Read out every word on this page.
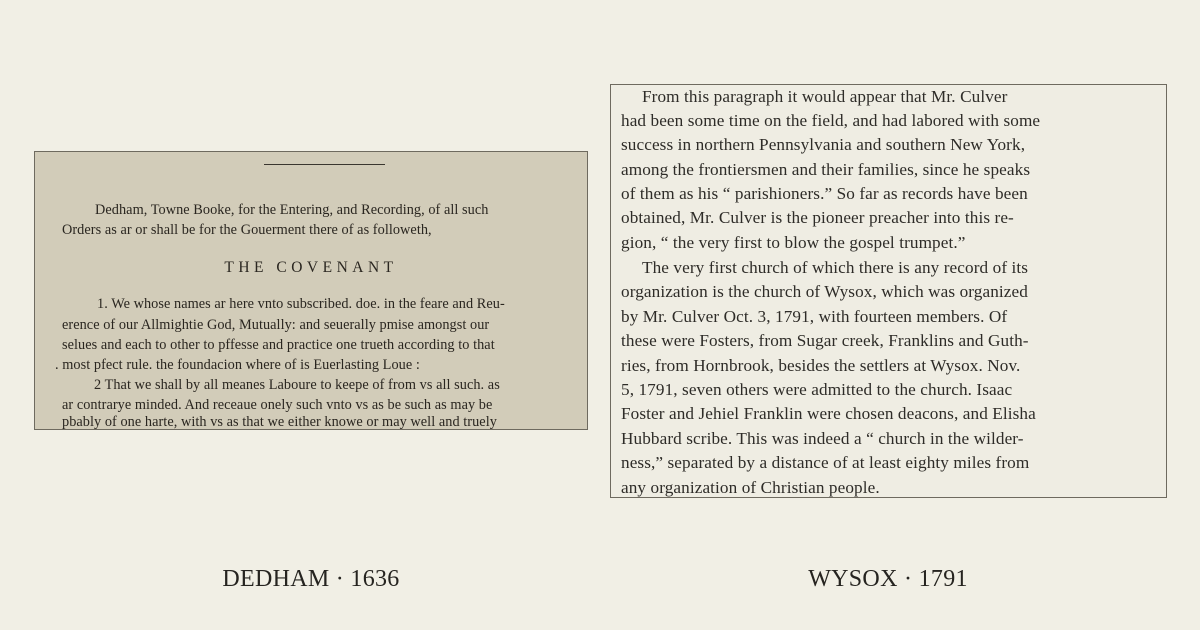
Dedham, Towne Booke, for the Entering, and Recording, of all such
Orders as ar or shall be for the Gouerment there of as followeth,
THE COVENANT
1. We whose names ar here vnto subscribed. doe. in the feare and Reu-
erence of our Allmightie God, Mutually: and seuerally pmise amongst our
selues and each to other to pffesse and practice one trueth according to that
. most pfect rule. the foundacion where of is Euerlasting Loue :
2 That we shall by all meanes Laboure to keepe of from vs all such. as
ar contrarye minded. And receaue onely such vnto vs as be such as may be
pbably of one harte, with vs as that we either knowe or may well and truely
From this paragraph it would appear that Mr. Culver
had been some time on the field, and had labored with some
success in northern Pennsylvania and southern New York,
among the frontiersmen and their families, since he speaks
of them as his “ parishioners.” So far as records have been
obtained, Mr. Culver is the pioneer preacher into this re-
gion, “ the very first to blow the gospel trumpet.”
The very first church of which there is any record of its
organization is the church of Wysox, which was organized
by Mr. Culver Oct. 3, 1791, with fourteen members. Of
these were Fosters, from Sugar creek, Franklins and Guth-
ries, from Hornbrook, besides the settlers at Wysox. Nov.
5, 1791, seven others were admitted to the church. Isaac
Foster and Jehiel Franklin were chosen deacons, and Elisha
Hubbard scribe. This was indeed a “ church in the wilder-
ness,” separated by a distance of at least eighty miles from
any organization of Christian people.
DEDHAM · 1636	WYSOX · 1791
